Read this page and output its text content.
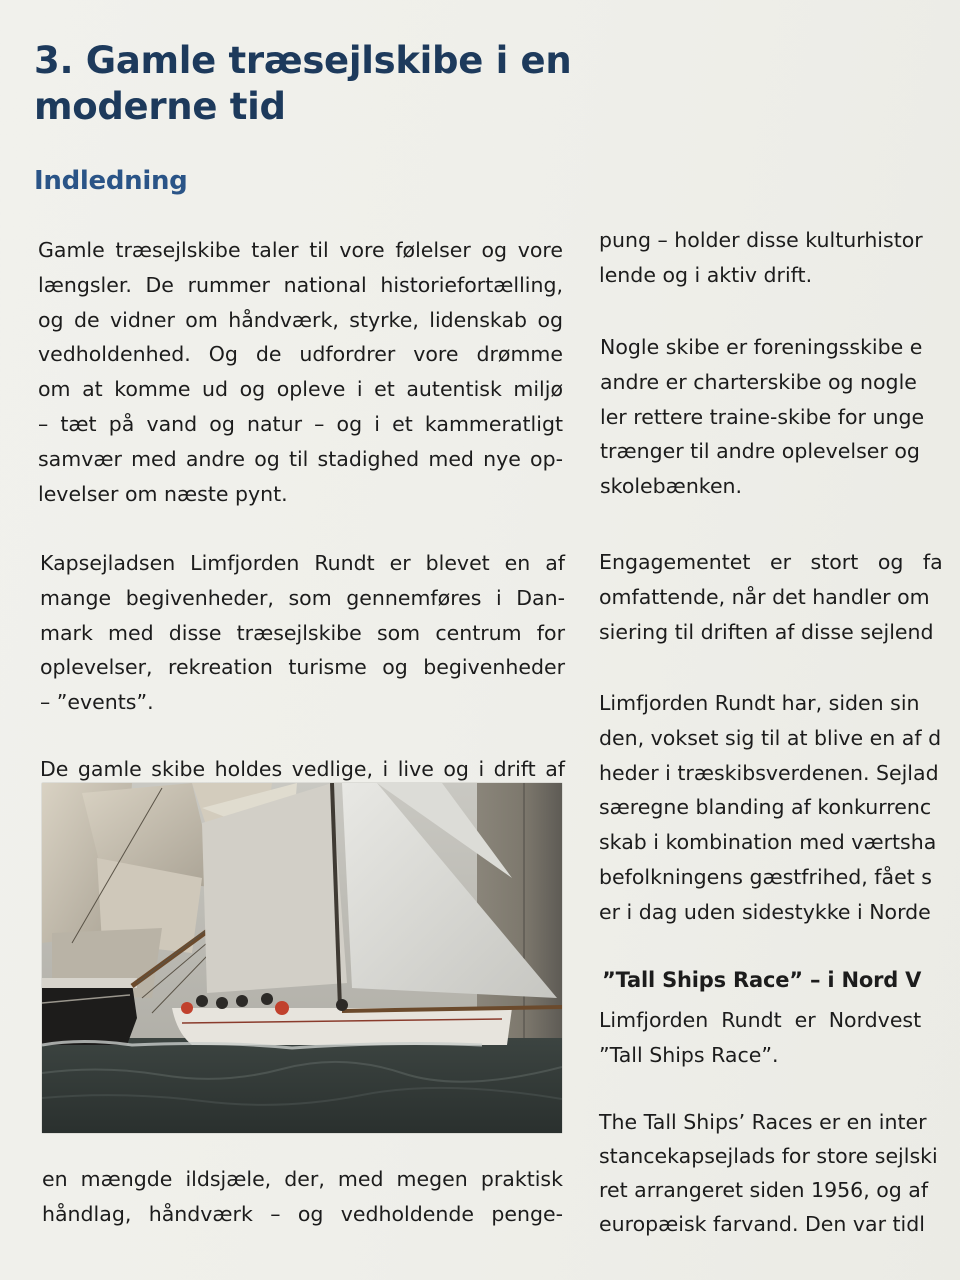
3. Gamle træsejlskibe i en
moderne tid
Indledning
Gamle træsejlskibe taler til vore følelser og vore
længsler. De rummer national historiefortælling,
og de vidner om håndværk, styrke, lidenskab og
vedholdenhed. Og de udfordrer vore drømme
om at komme ud og opleve i et autentisk miljø
– tæt på vand og natur – og i et kammeratligt
samvær med andre og til stadighed med nye op-
levelser om næste pynt.
Kapsejladsen Limfjorden Rundt er blevet en af
mange begivenheder, som gennemføres i Dan-
mark med disse træsejlskibe som centrum for
oplevelser, rekreation turisme og begivenheder
– ”events”.
De gamle skibe holdes vedlige, i live og i drift af
en mængde ildsjæle, der, med megen praktisk
håndlag, håndværk – og vedholdende penge-
pung – holder disse kulturhistor
lende og i aktiv drift.
Nogle skibe er foreningsskibe e
andre er charterskibe og nogle
ler rettere traine-skibe for unge
trænger til andre oplevelser og
skolebænken.
Engagementet   er   stort   og   fa
omfattende, når det handler om
siering til driften af disse sejlend
Limfjorden Rundt har, siden sin
den, vokset sig til at blive en af d
heder i træskibsverdenen. Sejlad
særegne blanding af konkurrenc
skab i kombination med værtsha
befolkningens gæstfrihed, fået s
er i dag uden sidestykke i Norde
”Tall Ships Race” – i Nord V
Limfjorden  Rundt  er  Nordvest
”Tall Ships Race”.
The Tall Ships’ Races er en inter
stancekapsejlads for store sejlski
ret arrangeret siden 1956, og af
europæisk farvand. Den var tidl
